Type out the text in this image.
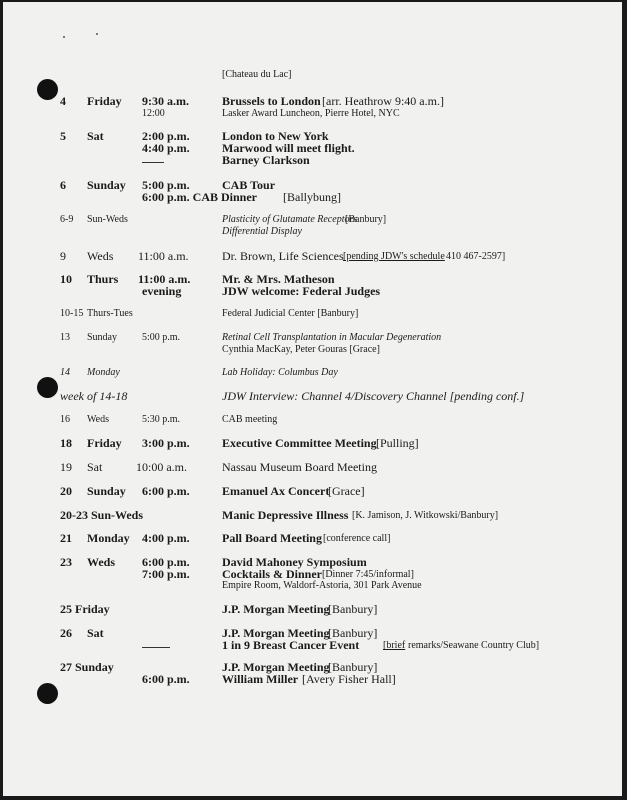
[Chateau du Lac]
4 Friday 9:30 a.m.	Brussels to London [arr. Heathrow 9:40 a.m.]
12:00	Lasker Award Luncheon, Pierre Hotel, NYC
5 Sat	2:00 p.m.	London to New York
4:40 p.m.	Marwood will meet flight.
Barney Clarkson
6 Sunday 5:00 p.m.	CAB Tour
6:00 p.m. CAB Dinner [Ballybung]
6-9 Sun-Weds	Plasticity of Glutamate Receptors
[Banbury]
Differential Display
9 Weds 11:00 a.m.	Dr. Brown, Life Sciences [pending JDW's schedule 410 467-2597]
10 Thurs 11:00 a.m.	Mr. & Mrs. Matheson
evening	JDW welcome: Federal Judges
10-15 Thurs-Tues	Federal Judicial Center [Banbury]
13 Sunday	5:00 p.m.	Retinal Cell Transplantation in Macular Degeneration
Cynthia MacKay, Peter Gouras [Grace]
14 Monday	Lab Holiday: Columbus Day
week of 14-18	JDW Interview: Channel 4/Discovery Channel [pending conf.]
16 Weds	5:30 p.m.	CAB meeting
18 Friday 3:00 p.m.	Executive Committee Meeting [Pulling]
19 Sat	10:00 a.m.	Nassau Museum Board Meeting
20 Sunday 6:00 p.m.	Emanuel Ax Concert
[Grace]
20-23 Sun-Weds	Manic Depressive Illness [K. Jamison, J. Witkowski/Banbury]
21 Monday 4:00 p.m.	Pall Board Meeting [conference call]
23 Weds 6:00 p.m.	David Mahoney Symposium
7:00 p.m.	Cocktails & Dinner [Dinner 7:45/informal]
Empire Room, Waldorf-Astoria, 301 Park Avenue
25 Friday	J.P. Morgan Meeting
[Banbury]
26 Sat	J.P. Morgan Meeting
[Banbury]
1 in 9 Breast Cancer Event [brief remarks/Seawane Country Club]
27 Sunday	J.P. Morgan Meeting
[Banbury]
6:00 p.m.	William Miller [Avery Fisher Hall]
